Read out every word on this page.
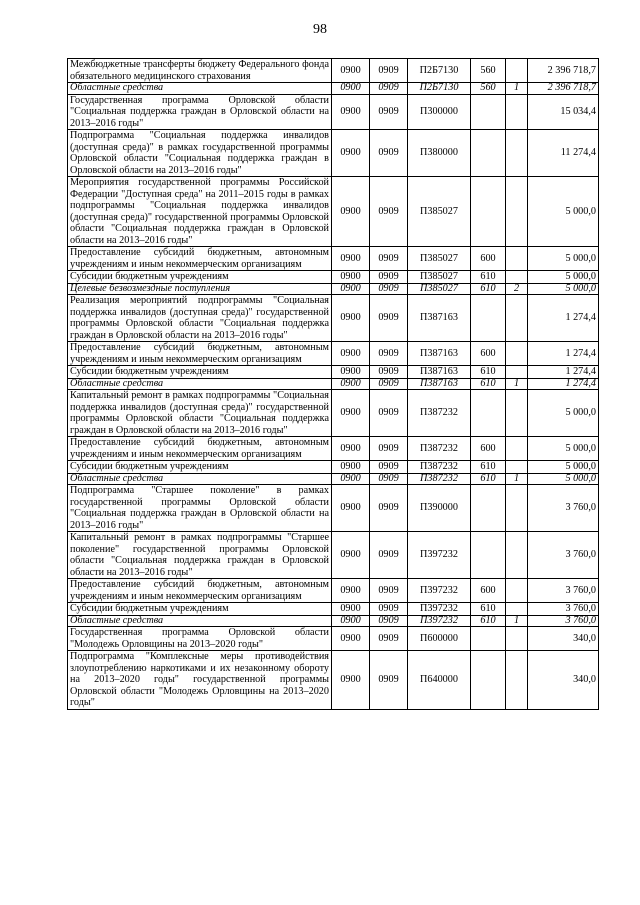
98
Межбюджетные трансферты бюджету Федерального фонда обязательного медицинского страхования	0900	0909	П2Б7130	560		2 396 718,7
Областные средства	0900	0909	П2Б7130	560	1	2 396 718,7
Государственная программа Орловской области "Социальная поддержка граждан в Орловской области на 2013–2016 годы"	0900	0909	П300000			15 034,4
Подпрограмма "Социальная поддержка инвалидов (доступная среда)" в рамках государственной программы Орловской области "Социальная поддержка граждан в Орловской области на 2013–2016 годы"	0900	0909	П380000			11 274,4
Мероприятия государственной программы Российской Федерации "Доступная среда" на 2011–2015 годы в рамках подпрограммы "Социальная поддержка инвалидов (доступная среда)" государственной программы Орловской области "Социальная поддержка граждан в Орловской области на 2013–2016 годы"	0900	0909	П385027			5 000,0
Предоставление субсидий бюджетным, автономным учреждениям и иным некоммерческим организациям	0900	0909	П385027	600		5 000,0
Субсидии бюджетным учреждениям	0900	0909	П385027	610		5 000,0
Целевые безвозмездные поступления	0900	0909	П385027	610	2	5 000,0
Реализация мероприятий подпрограммы "Социальная поддержка инвалидов (доступная среда)" государственной программы Орловской области "Социальная поддержка граждан в Орловской области на 2013–2016 годы"	0900	0909	П387163			1 274,4
Предоставление субсидий бюджетным, автономным учреждениям и иным некоммерческим организациям	0900	0909	П387163	600		1 274,4
Субсидии бюджетным учреждениям	0900	0909	П387163	610		1 274,4
Областные средства	0900	0909	П387163	610	1	1 274,4
Капитальный ремонт в рамках подпрограммы "Социальная поддержка инвалидов (доступная среда)" государственной программы Орловской области "Социальная поддержка граждан в Орловской области на 2013–2016 годы"	0900	0909	П387232			5 000,0
Предоставление субсидий бюджетным, автономным учреждениям и иным некоммерческим организациям	0900	0909	П387232	600		5 000,0
Субсидии бюджетным учреждениям	0900	0909	П387232	610		5 000,0
Областные средства	0900	0909	П387232	610	1	5 000,0
Подпрограмма "Старшее поколение" в рамках государственной программы Орловской области "Социальная поддержка граждан в Орловской области на 2013–2016 годы"	0900	0909	П390000			3 760,0
Капитальный ремонт в рамках подпрограммы "Старшее поколение" государственной программы Орловской области "Социальная поддержка граждан в Орловской области на 2013–2016 годы"	0900	0909	П397232			3 760,0
Предоставление субсидий бюджетным, автономным учреждениям и иным некоммерческим организациям	0900	0909	П397232	600		3 760,0
Субсидии бюджетным учреждениям	0900	0909	П397232	610		3 760,0
Областные средства	0900	0909	П397232	610	1	3 760,0
Государственная программа Орловской области "Молодежь Орловщины на 2013–2020 годы"	0900	0909	П600000			340,0
Подпрограмма "Комплексные меры противодействия злоупотреблению наркотиками и их незаконному обороту на 2013–2020 годы" государственной программы Орловской области "Молодежь Орловщины на 2013–2020 годы"	0900	0909	П640000			340,0
